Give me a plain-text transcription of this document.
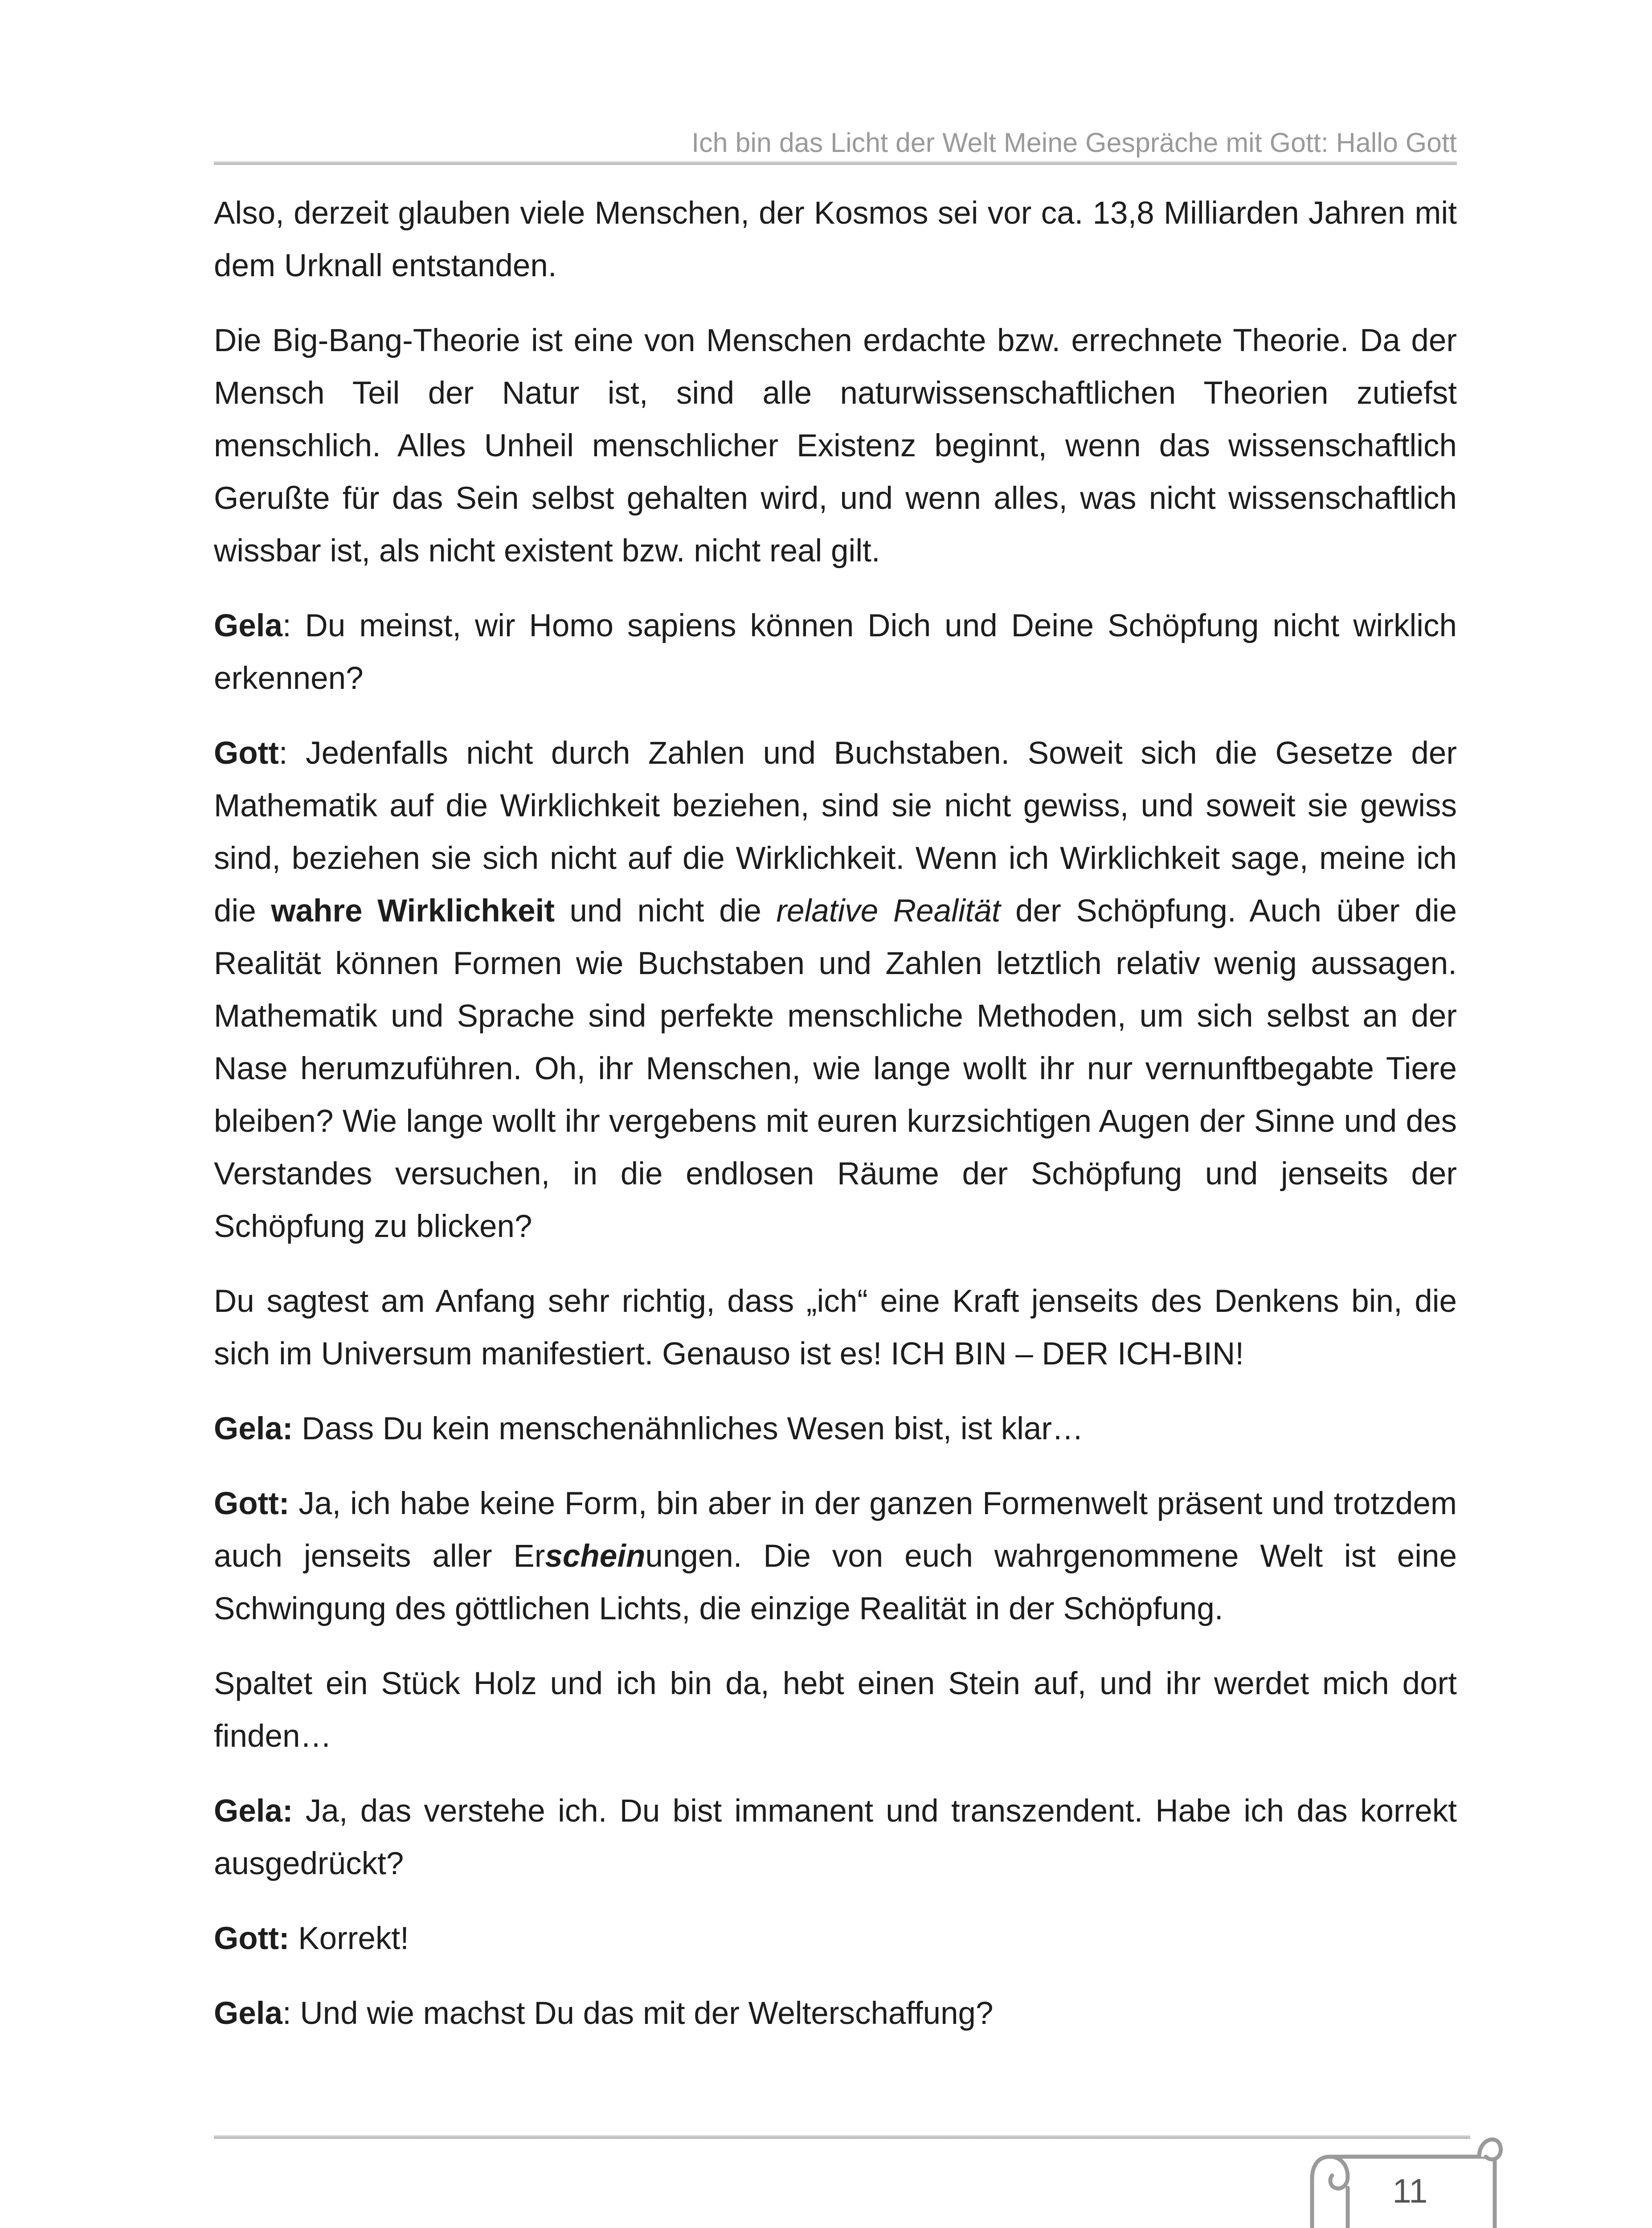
Ich bin das Licht der Welt Meine Gespräche mit Gott: Hallo Gott

Also, derzeit glauben viele Menschen, der Kosmos sei vor ca. 13,8 Milliarden Jahren mit dem Urknall entstanden.

Die Big-Bang-Theorie ist eine von Menschen erdachte bzw. errechnete Theorie. Da der Mensch Teil der Natur ist, sind alle naturwissenschaftlichen Theorien zutiefst menschlich. Alles Unheil menschlicher Existenz beginnt, wenn das wissenschaftlich Gerußte für das Sein selbst gehalten wird, und wenn alles, was nicht wissenschaftlich wissbar ist, als nicht existent bzw. nicht real gilt.

Gela: Du meinst, wir Homo sapiens können Dich und Deine Schöpfung nicht wirklich erkennen?

Gott: Jedenfalls nicht durch Zahlen und Buchstaben. Soweit sich die Gesetze der Mathematik auf die Wirklichkeit beziehen, sind sie nicht gewiss, und soweit sie gewiss sind, beziehen sie sich nicht auf die Wirklichkeit. Wenn ich Wirklichkeit sage, meine ich die wahre Wirklichkeit und nicht die relative Realität der Schöpfung. Auch über die Realität können Formen wie Buchstaben und Zahlen letztlich relativ wenig aussagen. Mathematik und Sprache sind perfekte menschliche Methoden, um sich selbst an der Nase herumzuführen. Oh, ihr Menschen, wie lange wollt ihr nur vernunftbegabte Tiere bleiben? Wie lange wollt ihr vergebens mit euren kurzsichtigen Augen der Sinne und des Verstandes versuchen, in die endlosen Räume der Schöpfung und jenseits der Schöpfung zu blicken?

Du sagtest am Anfang sehr richtig, dass „ich“ eine Kraft jenseits des Denkens bin, die sich im Universum manifestiert. Genauso ist es! ICH BIN – DER ICH-BIN!

Gela: Dass Du kein menschenähnliches Wesen bist, ist klar…

Gott: Ja, ich habe keine Form, bin aber in der ganzen Formenwelt präsent und trotzdem auch jenseits aller Erscheinungen. Die von euch wahrgenommene Welt ist eine Schwingung des göttlichen Lichts, die einzige Realität in der Schöpfung.

Spaltet ein Stück Holz und ich bin da, hebt einen Stein auf, und ihr werdet mich dort finden…

Gela: Ja, das verstehe ich. Du bist immanent und transzendent. Habe ich das korrekt ausgedrückt?

Gott: Korrekt!

Gela: Und wie machst Du das mit der Welterschaffung?

11
